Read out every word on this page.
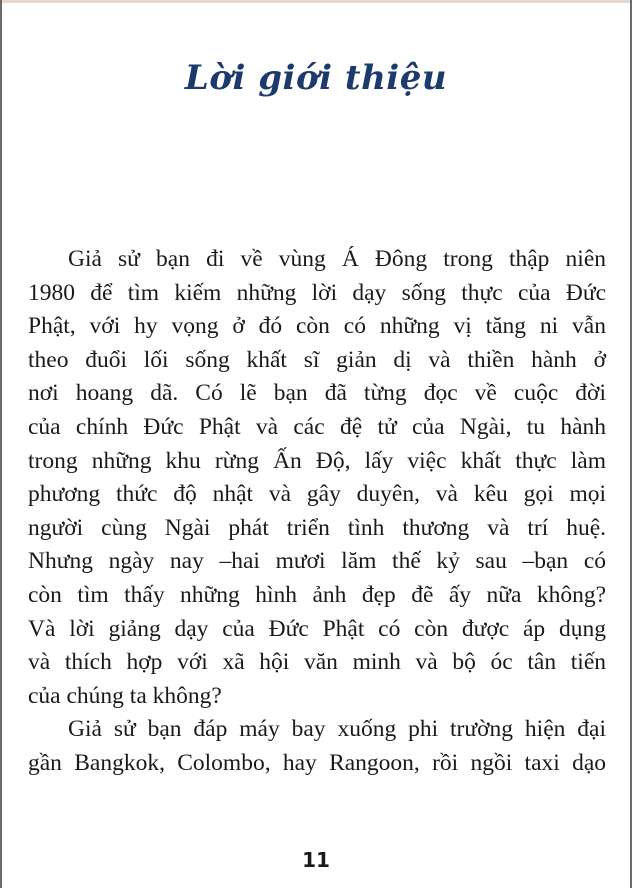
Lời giới thiệu
Giả sử bạn đi về vùng Á Đông trong thập niên
1980 để tìm kiếm những lời dạy sống thực của Đức
Phật, với hy vọng ở đó còn có những vị tăng ni vẫn
theo đuổi lối sống khất sĩ giản dị và thiền hành ở
nơi hoang dã. Có lẽ bạn đã từng đọc về cuộc đời
của chính Đức Phật và các đệ tử của Ngài, tu hành
trong những khu rừng Ấn Độ, lấy việc khất thực làm
phương thức độ nhật và gây duyên, và kêu gọi mọi
người cùng Ngài phát triển tình thương và trí huệ.
Nhưng ngày nay –hai mươi lăm thế kỷ sau –bạn có
còn tìm thấy những hình ảnh đẹp đẽ ấy nữa không?
Và lời giảng dạy của Đức Phật có còn được áp dụng
và thích hợp với xã hội văn minh và bộ óc tân tiến
của chúng ta không?
Giả sử bạn đáp máy bay xuống phi trường hiện đại
gần Bangkok, Colombo, hay Rangoon, rồi ngồi taxi dạo
11
